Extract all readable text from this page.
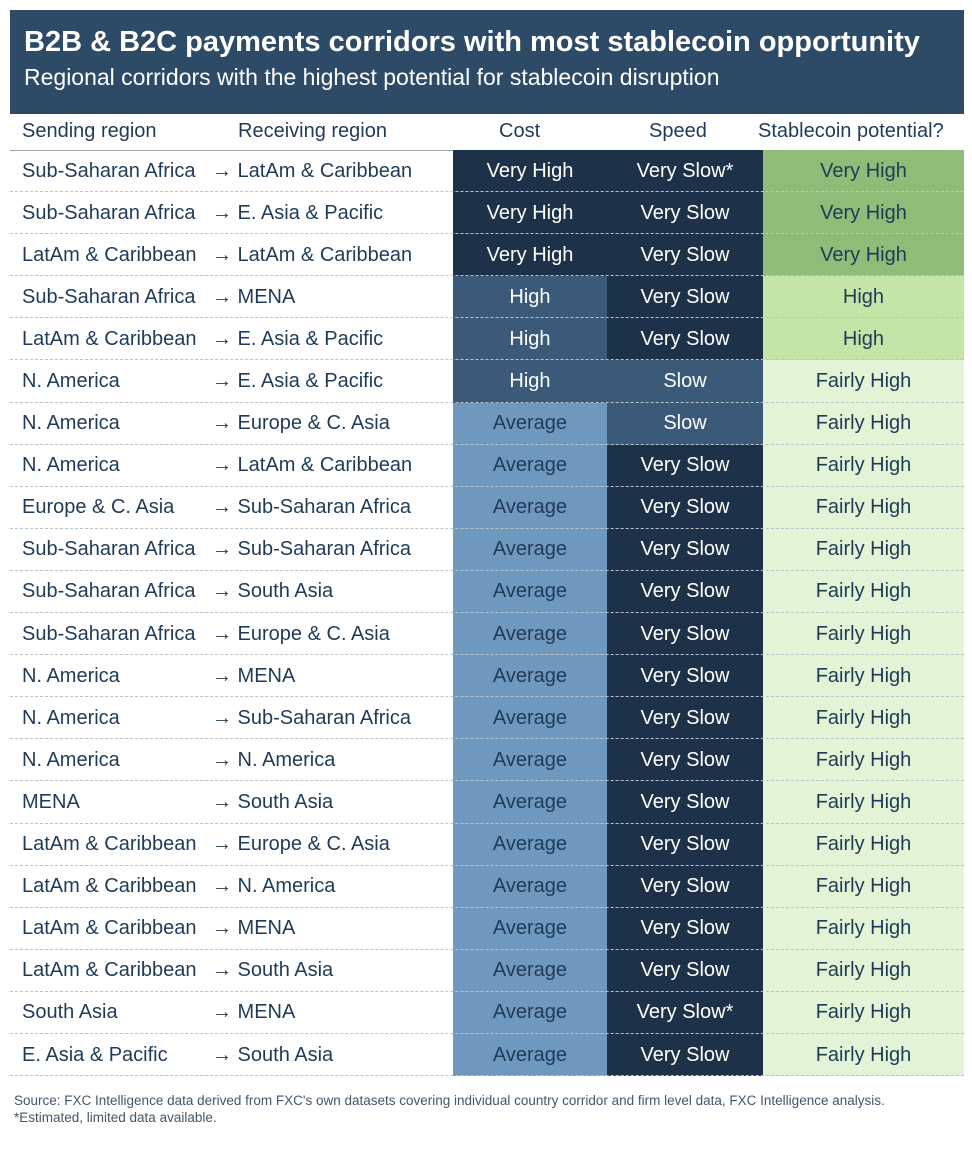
B2B & B2C payments corridors with most stablecoin opportunity
Regional corridors with the highest potential for stablecoin disruption
Sending region	Receiving region	Cost	Speed	Stablecoin potential?
Sub-Saharan Africa → LatAm & Caribbean	Very High	Very Slow*	Very High
Sub-Saharan Africa → E. Asia & Pacific	Very High	Very Slow	Very High
LatAm & Caribbean → LatAm & Caribbean	Very High	Very Slow	Very High
Sub-Saharan Africa → MENA	High	Very Slow	High
LatAm & Caribbean → E. Asia & Pacific	High	Very Slow	High
N. America	→ E. Asia & Pacific	High	Slow	Fairly High
N. America	→ Europe & C. Asia	Average	Slow	Fairly High
N. America	→ LatAm & Caribbean	Average	Very Slow	Fairly High
Europe & C. Asia	→ Sub-Saharan Africa	Average	Very Slow	Fairly High
Sub-Saharan Africa → Sub-Saharan Africa	Average	Very Slow	Fairly High
Sub-Saharan Africa → South Asia	Average	Very Slow	Fairly High
Sub-Saharan Africa → Europe & C. Asia	Average	Very Slow	Fairly High
N. America	→ MENA	Average	Very Slow	Fairly High
N. America	→ Sub-Saharan Africa	Average	Very Slow	Fairly High
N. America	→ N. America	Average	Very Slow	Fairly High
MENA	→ South Asia	Average	Very Slow	Fairly High
LatAm & Caribbean → Europe & C. Asia	Average	Very Slow	Fairly High
LatAm & Caribbean → N. America	Average	Very Slow	Fairly High
LatAm & Caribbean → MENA	Average	Very Slow	Fairly High
LatAm & Caribbean → South Asia	Average	Very Slow	Fairly High
South Asia	→ MENA	Average	Very Slow*	Fairly High
E. Asia & Pacific	→ South Asia	Average	Very Slow	Fairly High
Source: FXC Intelligence data derived from FXC's own datasets covering individual country corridor and firm level data, FXC Intelligence analysis. *Estimated, limited data available.
